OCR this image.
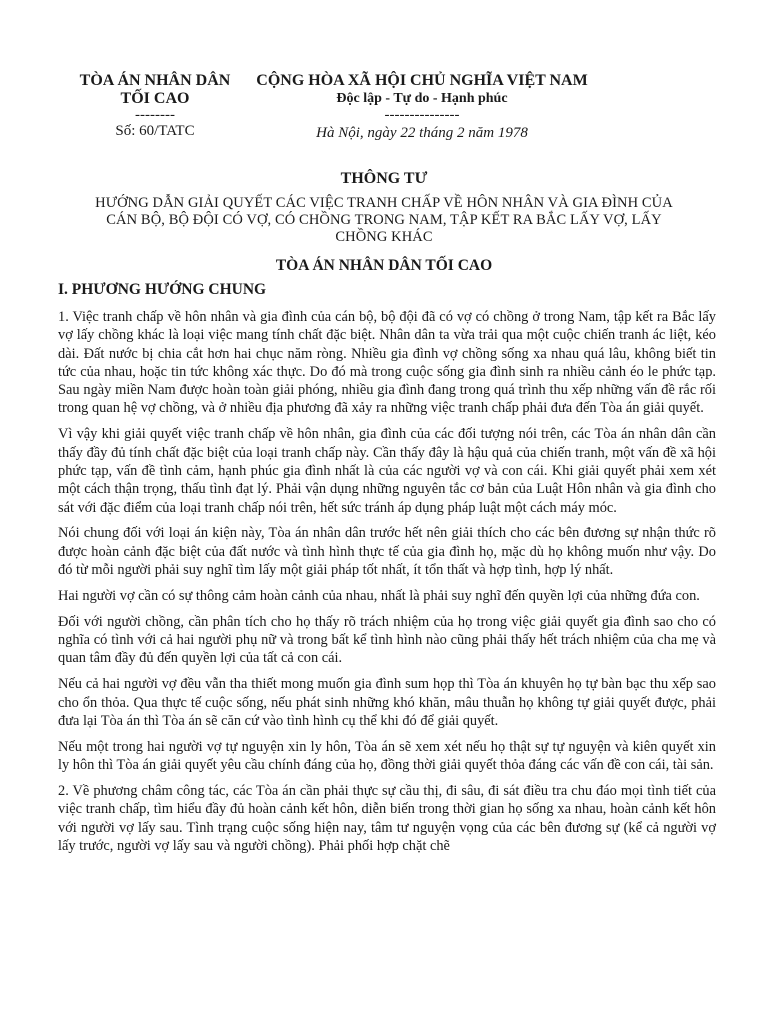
TÒA ÁN NHÂN DÂN
TỐI CAO
--------
Số: 60/TATC
CỘNG HÒA XÃ HỘI CHỦ NGHĨA VIỆT NAM
Độc lập - Tự do - Hạnh phúc
---------------
Hà Nội, ngày 22 tháng 2 năm 1978
THÔNG TƯ
HƯỚNG DẪN GIẢI QUYẾT CÁC VIỆC TRANH CHẤP VỀ HÔN NHÂN VÀ GIA ĐÌNH CỦA CÁN BỘ, BỘ ĐỘI CÓ VỢ, CÓ CHỒNG TRONG NAM, TẬP KẾT RA BẮC LẤY VỢ, LẤY CHỒNG KHÁC
TÒA ÁN NHÂN DÂN TỐI CAO
I. PHƯƠNG HƯỚNG CHUNG

1. Việc tranh chấp về hôn nhân và gia đình của cán bộ, bộ đội đã có vợ có chồng ở trong Nam, tập kết ra Bắc lấy vợ lấy chồng khác là loại việc mang tính chất đặc biệt. Nhân dân ta vừa trải qua một cuộc chiến tranh ác liệt, kéo dài. Đất nước bị chia cắt hơn hai chục năm ròng. Nhiều gia đình vợ chồng sống xa nhau quá lâu, không biết tin tức của nhau, hoặc tin tức không xác thực. Do đó mà trong cuộc sống gia đình sinh ra nhiều cảnh éo le phức tạp. Sau ngày miền Nam được hoàn toàn giải phóng, nhiều gia đình đang trong quá trình thu xếp những vấn đề rắc rối trong quan hệ vợ chồng, và ở nhiều địa phương đã xảy ra những việc tranh chấp phải đưa đến Tòa án giải quyết.

Vì vậy khi giải quyết việc tranh chấp về hôn nhân, gia đình của các đối tượng nói trên, các Tòa án nhân dân cần thấy đầy đủ tính chất đặc biệt của loại tranh chấp này. Cần thấy đây là hậu quả của chiến tranh, một vấn đề xã hội phức tạp, vấn đề tình cảm, hạnh phúc gia đình nhất là của các người vợ và con cái. Khi giải quyết phải xem xét một cách thận trọng, thấu tình đạt lý. Phải vận dụng những nguyên tắc cơ bản của Luật Hôn nhân và gia đình cho sát với đặc điểm của loại tranh chấp nói trên, hết sức tránh áp dụng pháp luật một cách máy móc.

Nói chung đối với loại án kiện này, Tòa án nhân dân trước hết nên giải thích cho các bên đương sự nhận thức rõ được hoàn cảnh đặc biệt của đất nước và tình hình thực tế của gia đình họ, mặc dù họ không muốn như vậy. Do đó từ mỗi người phải suy nghĩ tìm lấy một giải pháp tốt nhất, ít tổn thất và hợp tình, hợp lý nhất.

Hai người vợ cần có sự thông cảm hoàn cảnh của nhau, nhất là phải suy nghĩ đến quyền lợi của những đứa con.

Đối với người chồng, cần phân tích cho họ thấy rõ trách nhiệm của họ trong việc giải quyết gia đình sao cho có nghĩa có tình với cả hai người phụ nữ và trong bất kể tình hình nào cũng phải thấy hết trách nhiệm của cha mẹ và quan tâm đầy đủ đến quyền lợi của tất cả con cái.

Nếu cả hai người vợ đều vẫn tha thiết mong muốn gia đình sum họp thì Tòa án khuyên họ tự bàn bạc thu xếp sao cho ổn thỏa. Qua thực tế cuộc sống, nếu phát sinh những khó khăn, mâu thuẫn họ không tự giải quyết được, phải đưa lại Tòa án thì Tòa án sẽ căn cứ vào tình hình cụ thể khi đó để giải quyết.

Nếu một trong hai người vợ tự nguyện xin ly hôn, Tòa án sẽ xem xét nếu họ thật sự tự nguyện và kiên quyết xin ly hôn thì Tòa án giải quyết yêu cầu chính đáng của họ, đồng thời giải quyết thỏa đáng các vấn đề con cái, tài sản.

2. Về phương châm công tác, các Tòa án cần phải thực sự cầu thị, đi sâu, đi sát điều tra chu đáo mọi tình tiết của việc tranh chấp, tìm hiểu đầy đủ hoàn cảnh kết hôn, diễn biến trong thời gian họ sống xa nhau, hoàn cảnh kết hôn với người vợ lấy sau. Tình trạng cuộc sống hiện nay, tâm tư nguyện vọng của các bên đương sự (kể cả người vợ lấy trước, người vợ lấy sau và người chồng). Phải phối hợp chặt chẽ
